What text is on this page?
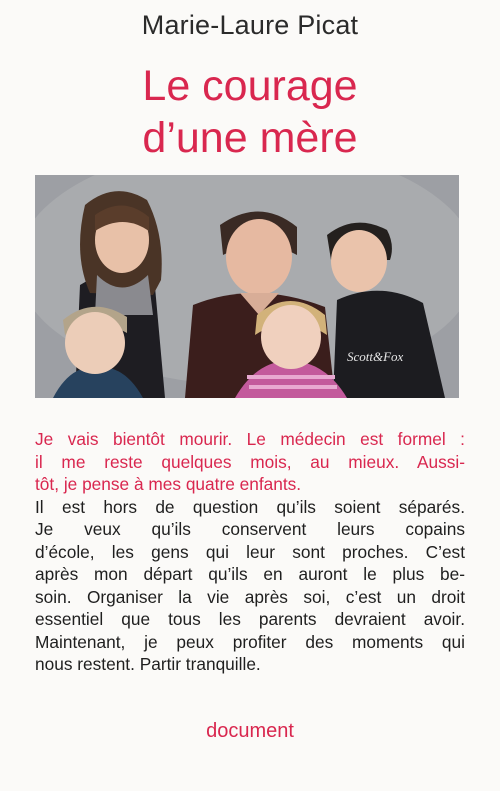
Marie-Laure Picat
Le courage
d’une mère
Scott&Fox

Je vais bientôt mourir. Le médecin est formel :
il me reste quelques mois, au mieux. Aussi-
tôt, je pense à mes quatre enfants.

Il est hors de question qu’ils soient séparés.
Je veux qu’ils conservent leurs copains
d’école, les gens qui leur sont proches. C’est
après mon départ qu’ils en auront le plus be-
soin. Organiser la vie après soi, c’est un droit
essentiel que tous les parents devraient avoir.
Maintenant, je peux profiter des moments qui
nous restent. Partir tranquille.

document
